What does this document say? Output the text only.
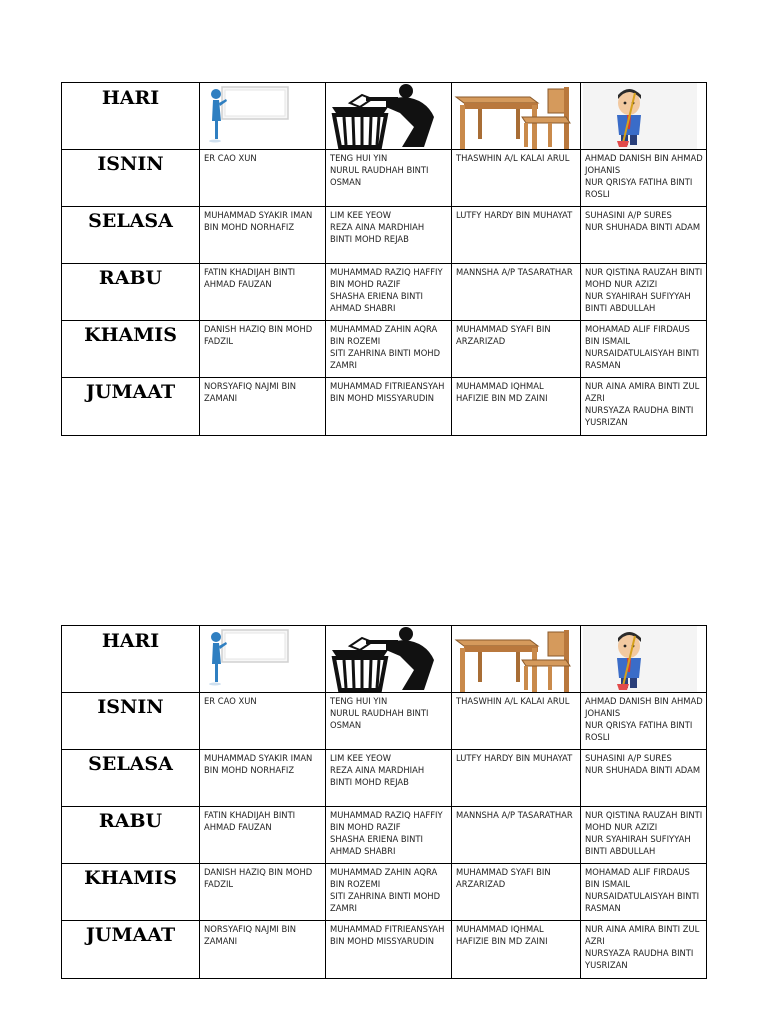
HARI	

ISNIN	ER CAO XUN	TENG HUI YIN
NURUL RAUDHAH BINTI OSMAN	THASWHIN A/L KALAI ARUL	AHMAD DANISH BIN AHMAD JOHANIS
NUR QRISYA FATIHA BINTI ROSLI

SELASA	MUHAMMAD SYAKIR IMAN BIN MOHD NORHAFIZ	LIM KEE YEOW
REZA AINA MARDHIAH BINTI MOHD REJAB	LUTFY HARDY BIN MUHAYAT	SUHASINI A/P SURES
NUR SHUHADA BINTI ADAM

RABU	FATIN KHADIJAH BINTI AHMAD FAUZAN	MUHAMMAD RAZIQ HAFFIY BIN MOHD RAZIF
SHASHA ERIENA BINTI AHMAD SHABRI	MANNSHA A/P TASARATHAR	NUR QISTINA RAUZAH BINTI MOHD NUR AZIZI
NUR SYAHIRAH SUFIYYAH BINTI ABDULLAH

KHAMIS	DANISH HAZIQ BIN MOHD FADZIL	MUHAMMAD ZAHIN AQRA BIN ROZEMI
SITI ZAHRINA BINTI MOHD ZAMRI	MUHAMMAD SYAFI BIN ARZARIZAD	MOHAMAD ALIF FIRDAUS BIN ISMAIL
NURSAIDATULAISYAH BINTI RASMAN

JUMAAT	NORSYAFIQ NAJMI BIN ZAMANI	MUHAMMAD FITRIEANSYAH BIN MOHD MISSYARUDIN	MUHAMMAD IQHMAL HAFIZIE BIN MD ZAINI	NUR AINA AMIRA BINTI ZUL AZRI
NURSYAZA RAUDHA BINTI YUSRIZAN
HARI	

ISNIN	ER CAO XUN	TENG HUI YIN
NURUL RAUDHAH BINTI OSMAN	THASWHIN A/L KALAI ARUL	AHMAD DANISH BIN AHMAD JOHANIS
NUR QRISYA FATIHA BINTI ROSLI

SELASA	MUHAMMAD SYAKIR IMAN BIN MOHD NORHAFIZ	LIM KEE YEOW
REZA AINA MARDHIAH BINTI MOHD REJAB	LUTFY HARDY BIN MUHAYAT	SUHASINI A/P SURES
NUR SHUHADA BINTI ADAM

RABU	FATIN KHADIJAH BINTI AHMAD FAUZAN	MUHAMMAD RAZIQ HAFFIY BIN MOHD RAZIF
SHASHA ERIENA BINTI AHMAD SHABRI	MANNSHA A/P TASARATHAR	NUR QISTINA RAUZAH BINTI MOHD NUR AZIZI
NUR SYAHIRAH SUFIYYAH BINTI ABDULLAH

KHAMIS	DANISH HAZIQ BIN MOHD FADZIL	MUHAMMAD ZAHIN AQRA BIN ROZEMI
SITI ZAHRINA BINTI MOHD ZAMRI	MUHAMMAD SYAFI BIN ARZARIZAD	MOHAMAD ALIF FIRDAUS BIN ISMAIL
NURSAIDATULAISYAH BINTI RASMAN

JUMAAT	NORSYAFIQ NAJMI BIN ZAMANI	MUHAMMAD FITRIEANSYAH BIN MOHD MISSYARUDIN	MUHAMMAD IQHMAL HAFIZIE BIN MD ZAINI	NUR AINA AMIRA BINTI ZUL AZRI
NURSYAZA RAUDHA BINTI YUSRIZAN
